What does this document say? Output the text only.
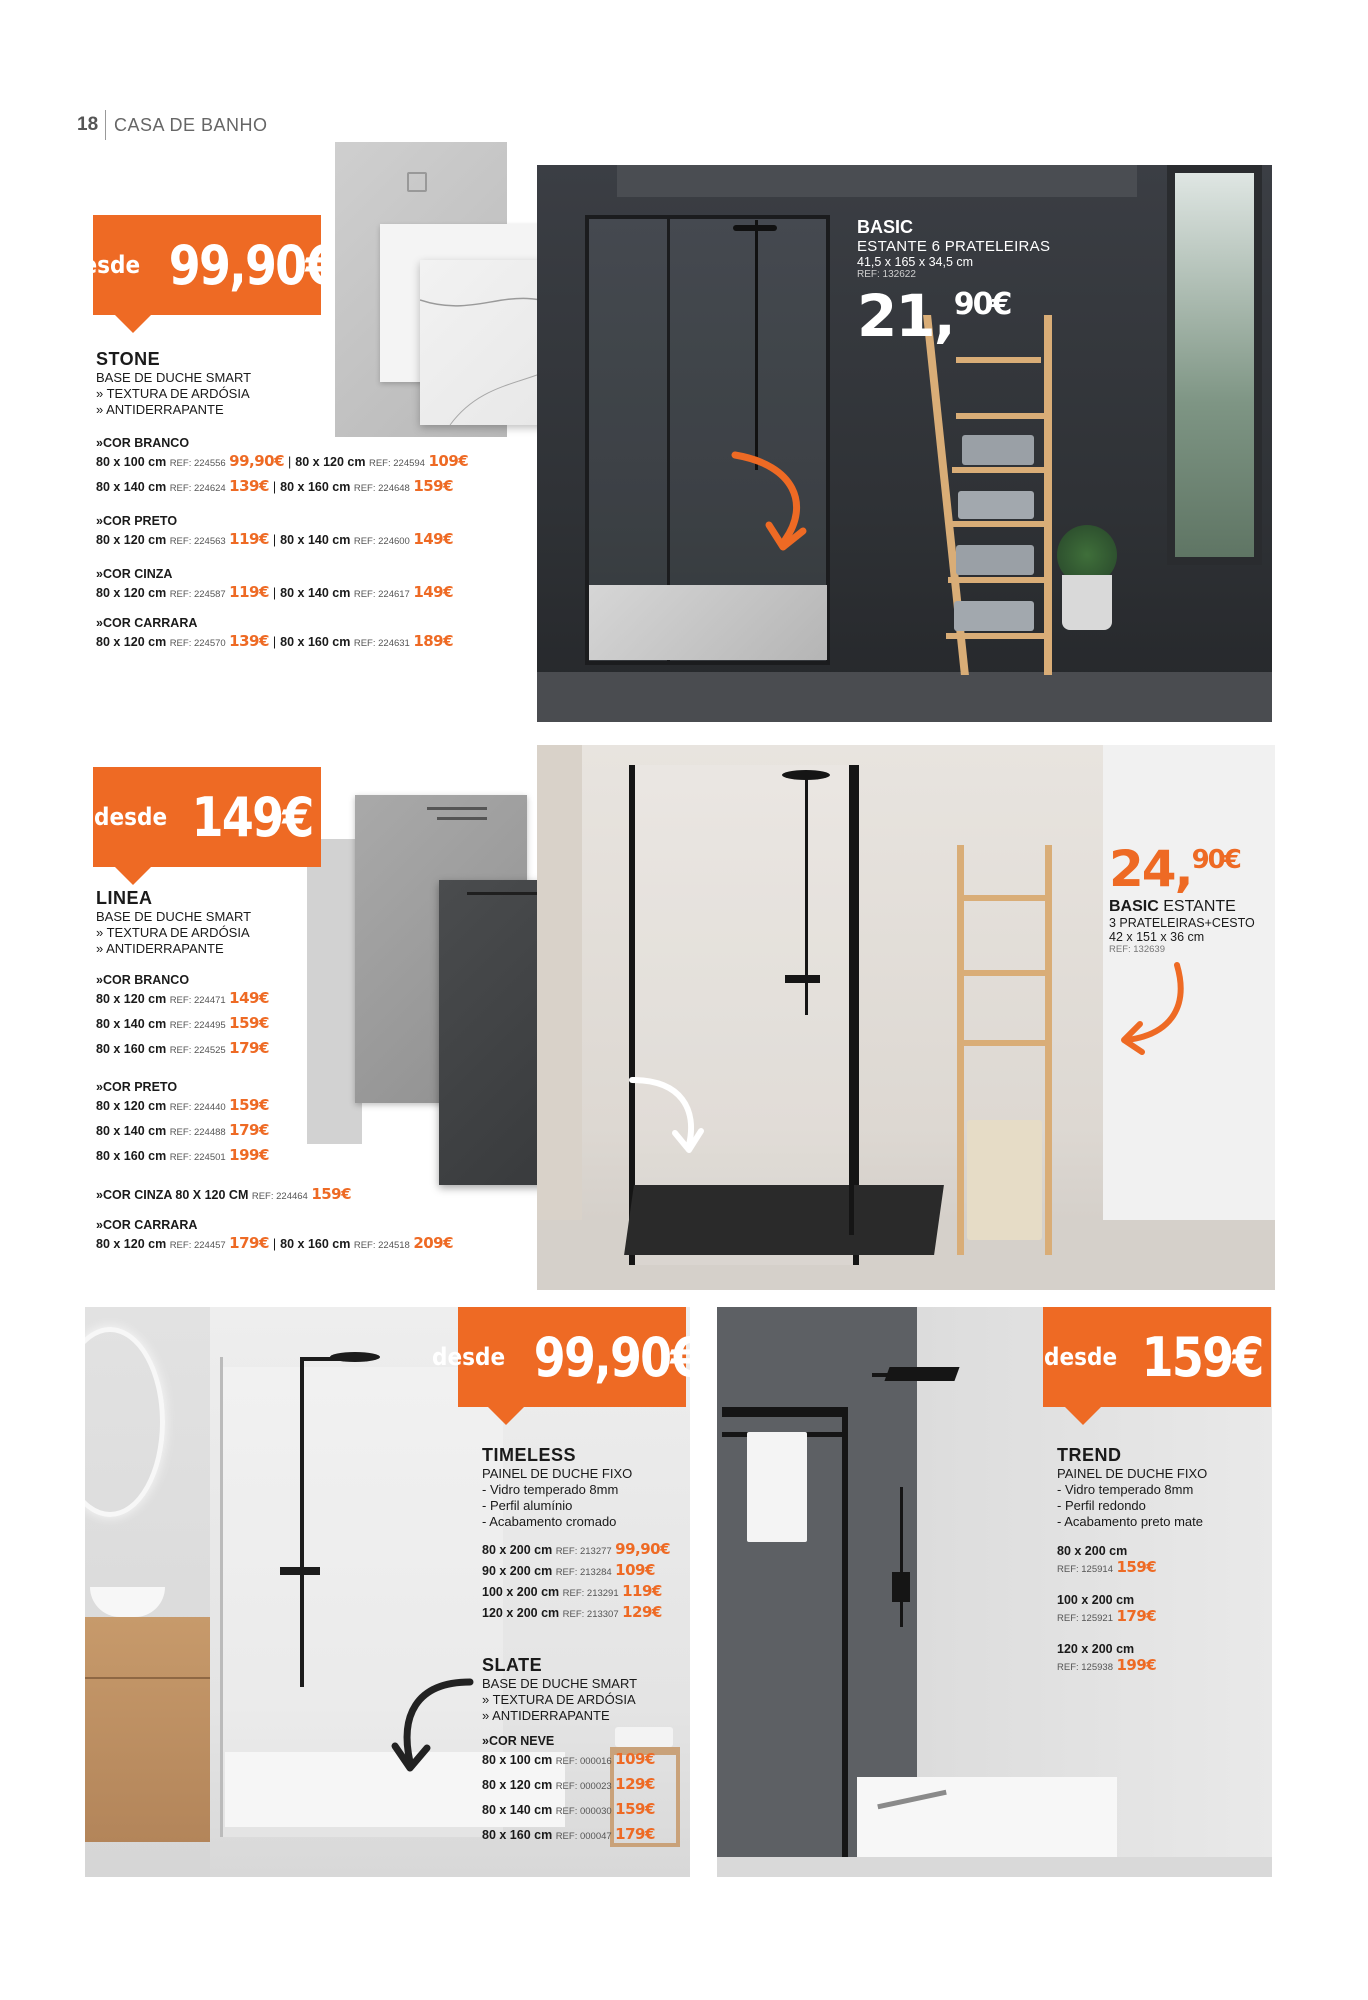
18 CASA DE BANHO
desde 99,90€
STONE
BASE DE DUCHE SMART
» TEXTURA DE ARDÓSIA
» ANTIDERRAPANTE
»COR BRANCO
80 x 100 cm REF: 224556 99,90€ | 80 x 120 cm REF: 224594 109€
80 x 140 cm REF: 224624 139€ | 80 x 160 cm REF: 224648 159€
»COR PRETO
80 x 120 cm REF: 224563 119€ | 80 x 140 cm REF: 224600 149€
»COR CINZA
80 x 120 cm REF: 224587 119€ | 80 x 140 cm REF: 224617 149€
»COR CARRARA
80 x 120 cm REF: 224570 139€ | 80 x 160 cm REF: 224631 189€
BASIC
ESTANTE 6 PRATELEIRAS
41,5 x 165 x 34,5 cm
REF: 132622
21,90€
desde 149€
LINEA
BASE DE DUCHE SMART
» TEXTURA DE ARDÓSIA
» ANTIDERRAPANTE
»COR BRANCO
80 x 120 cm REF: 224471 149€
80 x 140 cm REF: 224495 159€
80 x 160 cm REF: 224525 179€
»COR PRETO
80 x 120 cm REF: 224440 159€
80 x 140 cm REF: 224488 179€
80 x 160 cm REF: 224501 199€
»COR CINZA 80 X 120 CM REF: 224464 159€
»COR CARRARA
80 x 120 cm REF: 224457 179€ | 80 x 160 cm REF: 224518 209€
24,90€
BASIC ESTANTE
3 PRATELEIRAS+CESTO
42 x 151 x 36 cm
REF: 132639
desde 99,90€
TIMELESS
PAINEL DE DUCHE FIXO
- Vidro temperado 8mm
- Perfil alumínio
- Acabamento cromado
80 x 200 cm REF: 213277 99,90€
90 x 200 cm REF: 213284 109€
100 x 200 cm REF: 213291 119€
120 x 200 cm REF: 213307 129€
SLATE
BASE DE DUCHE SMART
» TEXTURA DE ARDÓSIA
» ANTIDERRAPANTE
»COR NEVE
80 x 100 cm REF: 000016 109€
80 x 120 cm REF: 000023 129€
80 x 140 cm REF: 000030 159€
80 x 160 cm REF: 000047 179€
desde 159€
TREND
PAINEL DE DUCHE FIXO
- Vidro temperado 8mm
- Perfil redondo
- Acabamento preto mate
80 x 200 cm
REF: 125914 159€
100 x 200 cm
REF: 125921 179€
120 x 200 cm
REF: 125938 199€
